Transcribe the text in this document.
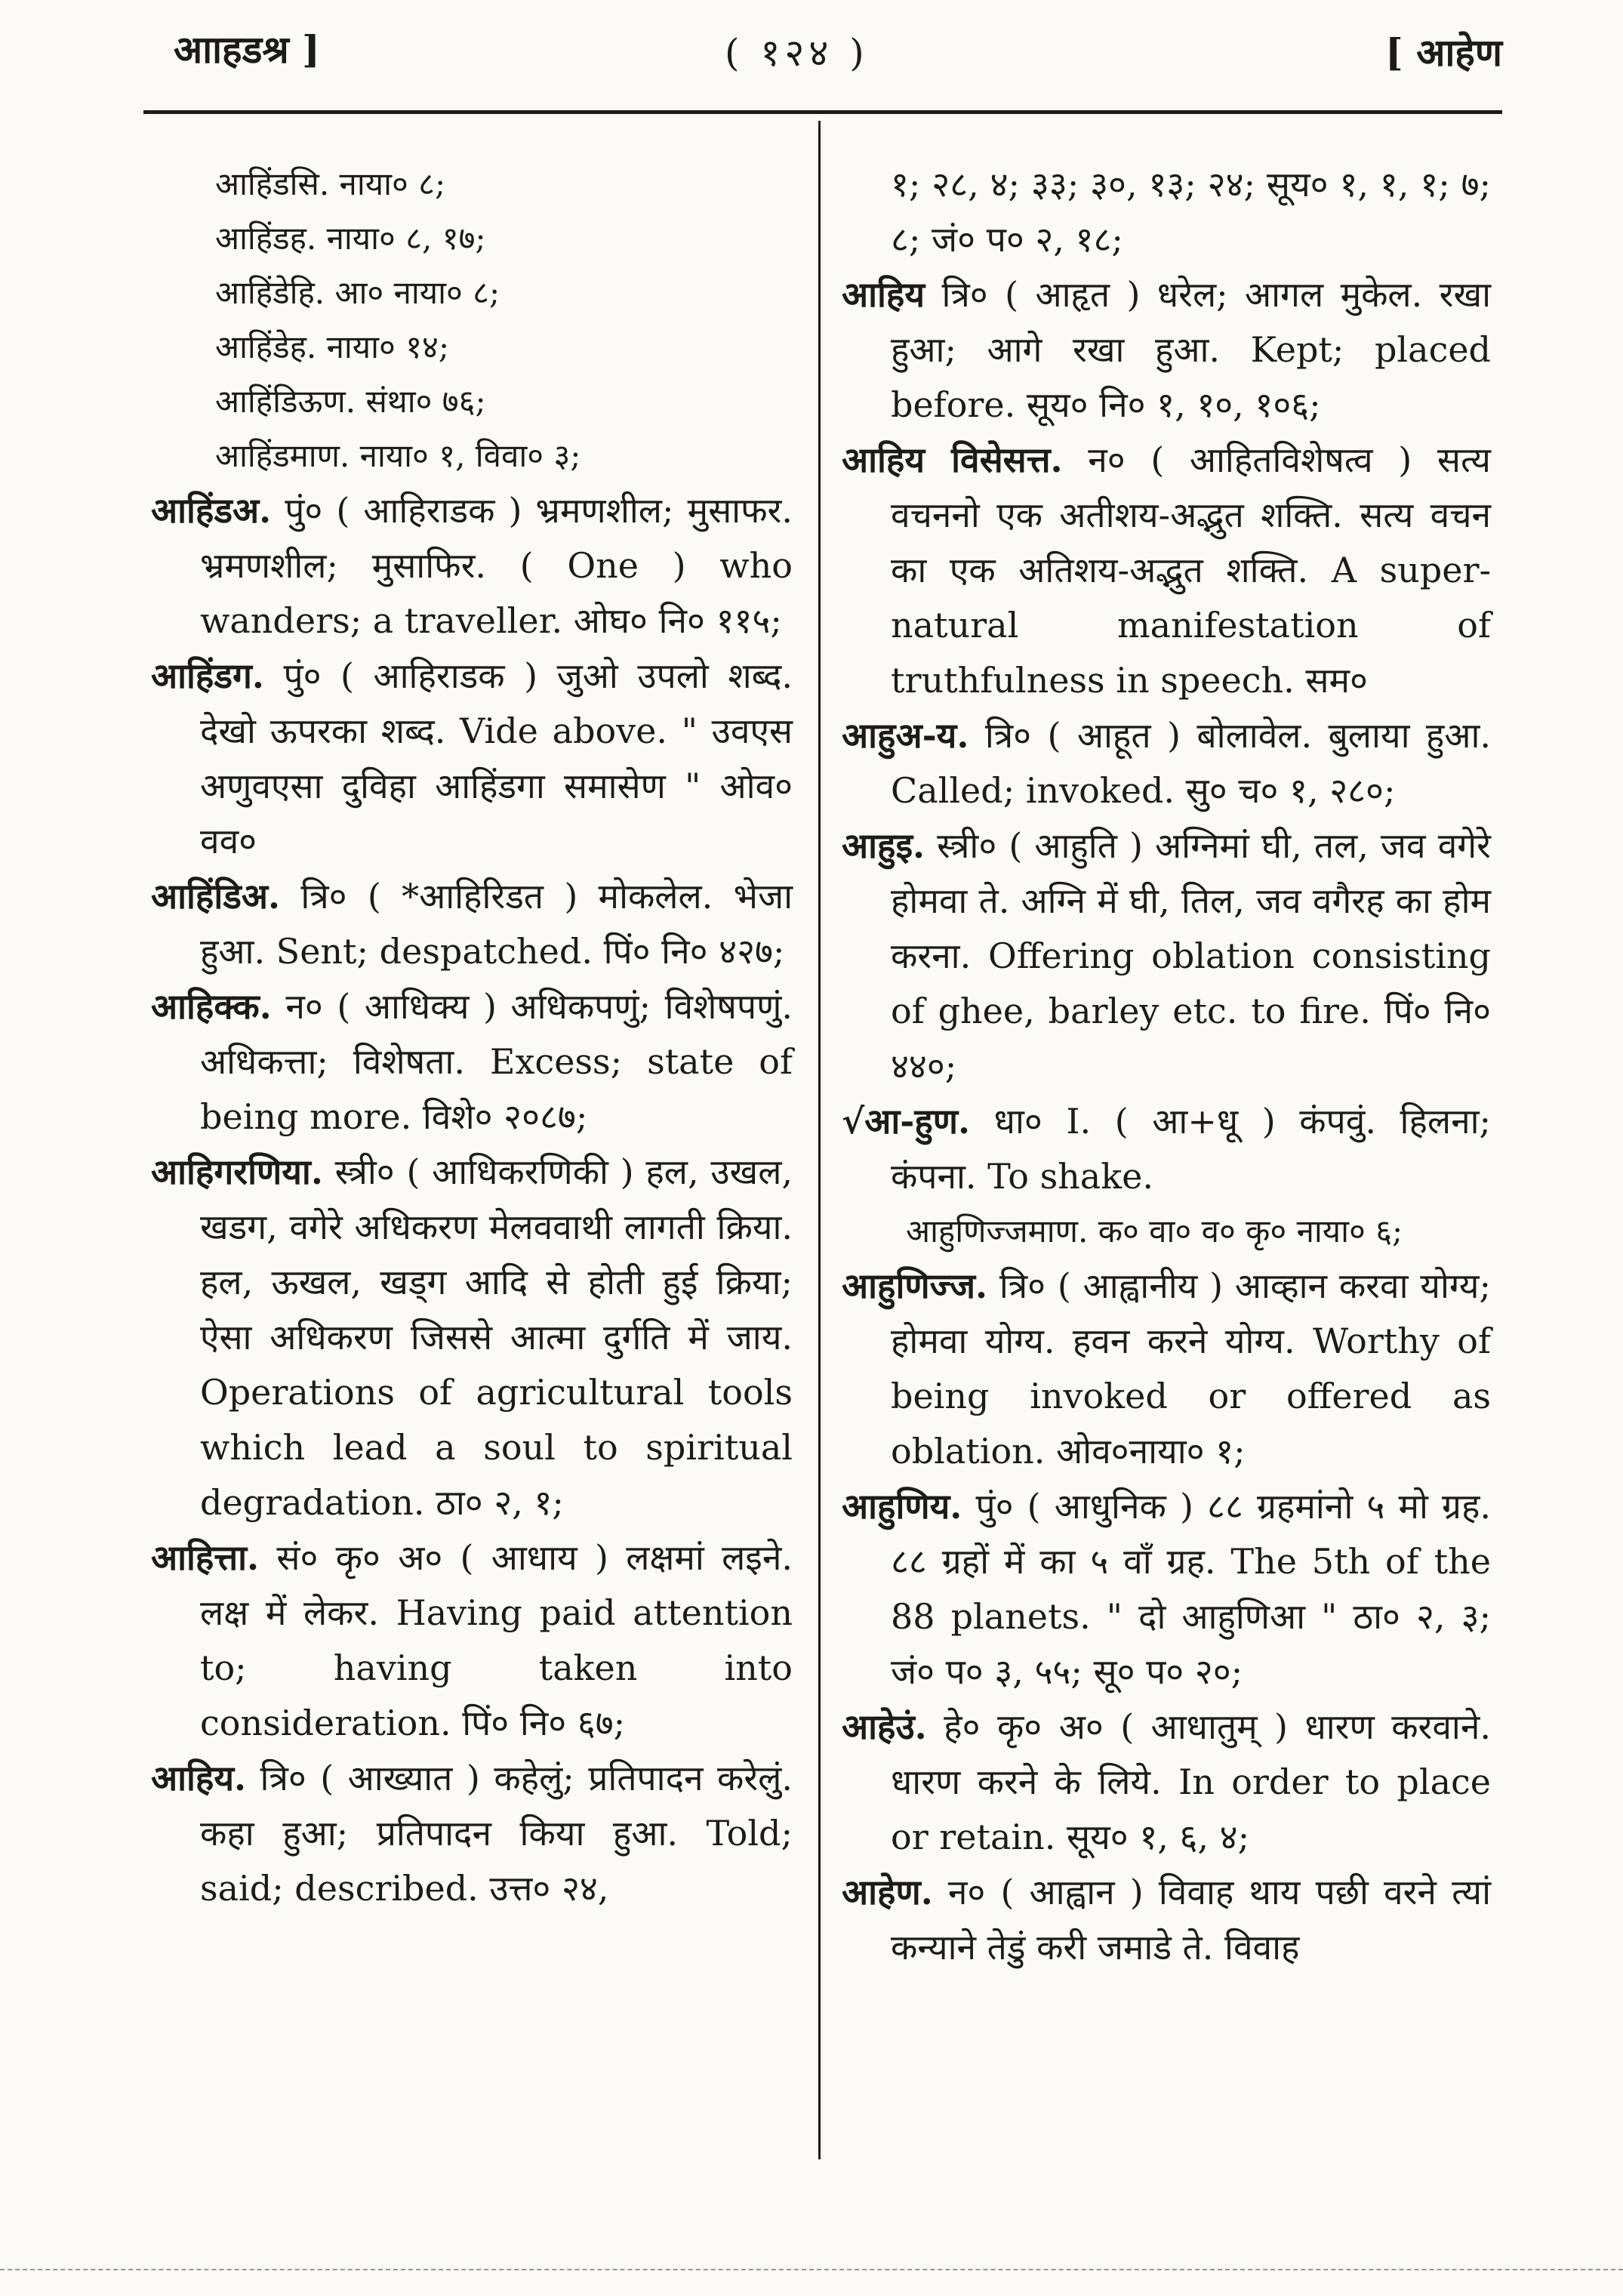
आाहडश्र ]	( १२४ )	[ आहेण

आहिंडसि. नाया० ८;

आहिंडह. नाया० ८, १७;

आहिंडेहि. आ० नाया० ८;

आहिंडेह. नाया० १४;

आहिंडिऊण. संथा० ७६;

आहिंडमाण. नाया० १, विवा० ३;

आहिंडअ. पुं० ( आहिराडक ) भ्रमणशील; मुसाफर. भ्रमणशील; मुसाफिर. ( One ) who wanders; a traveller. ओघ० नि० ११५;

आहिंडग. पुं० ( आहिराडक ) जुओ उपलो शब्द. देखो ऊपरका शब्द. Vide above. " उवएस अणुवएसा दुविहा आहिंडगा समासेण " ओव० वव०

आहिंडिअ. त्रि० ( *आहिरिडत ) मोकलेल. भेजा हुआ. Sent; despatched. पिं० नि० ४२७;

आहिक्क. न० ( आधिक्य ) अधिकपणुं; विशेषपणुं. अधिकत्ता; विशेषता. Excess; state of being more. विशे० २०८७;

आहिगरणिया. स्त्री० ( आधिकरणिकी ) हल, उखल, खडग, वगेरे अधिकरण मेलववाथी लागती क्रिया. हल, ऊखल, खड्ग आदि से होती हुई क्रिया; ऐसा अधिकरण जिससे आत्मा दुर्गति में जाय. Operations of agricultural tools which lead a soul to spiritual degradation. ठा० २, १;

आहित्ता. सं० कृ० अ० ( आधाय ) लक्षमां लइने. लक्ष में लेकर. Having paid attention to; having taken into consideration. पिं० नि० ६७;

आहिय. त्रि० ( आख्यात ) कहेलुं; प्रतिपादन करेलुं. कहा हुआ; प्रतिपादन किया हुआ. Told; said; described. उत्त० २४,

१; २८, ४; ३३; ३०, १३; २४; सूय० १, १, १; ७; ८; जं० प० २, १८;

आहिय त्रि० ( आहृत ) धरेल; आगल मुकेल. रखा हुआ; आगे रखा हुआ. Kept; placed before. सूय० नि० १, १०, १०६;

आहिय विसेसत्त. न० ( आहितविशेषत्व ) सत्य वचननो एक अतीशय-अद्भुत शक्ति. सत्य वचन का एक अतिशय-अद्भुत शक्ति. A super-natural manifestation of truthfulness in speech. सम०

आहुअ-य. त्रि० ( आहूत ) बोलावेल. बुलाया हुआ. Called; invoked. सु० च० १, २८०;

आहुइ. स्त्री० ( आहुति ) अग्निमां घी, तल, जव वगेरे होमवा ते. अग्नि में घी, तिल, जव वगैरह का होम करना. Offering oblation consisting of ghee, barley etc. to fire. पिं० नि० ४४०;

√आ-हुण. धा० I. ( आ+धू ) कंपवुं. हिलना; कंपना. To shake.

आहुणिज्जमाण. क० वा० व० कृ० नाया० ६;

आहुणिज्ज. त्रि० ( आह्वानीय ) आव्हान करवा योग्य; होमवा योग्य. हवन करने योग्य. Worthy of being invoked or offered as oblation. ओव०नाया० १;

आहुणिय. पुं० ( आधुनिक ) ८८ ग्रहमांनो ५ मो ग्रह. ८८ ग्रहों में का ५ वाँ ग्रह. The 5th of the 88 planets. " दो आहुणिआ " ठा० २, ३; जं० प० ३, ५५; सू० प० २०;

आहेउं. हे० कृ० अ० ( आधातुम् ) धारण करवाने. धारण करने के लिये. In order to place or retain. सूय० १, ६, ४;

आहेण. न० ( आह्वान ) विवाह थाय पछी वरने त्यां कन्याने तेडुं करी जमाडे ते. विवाह
